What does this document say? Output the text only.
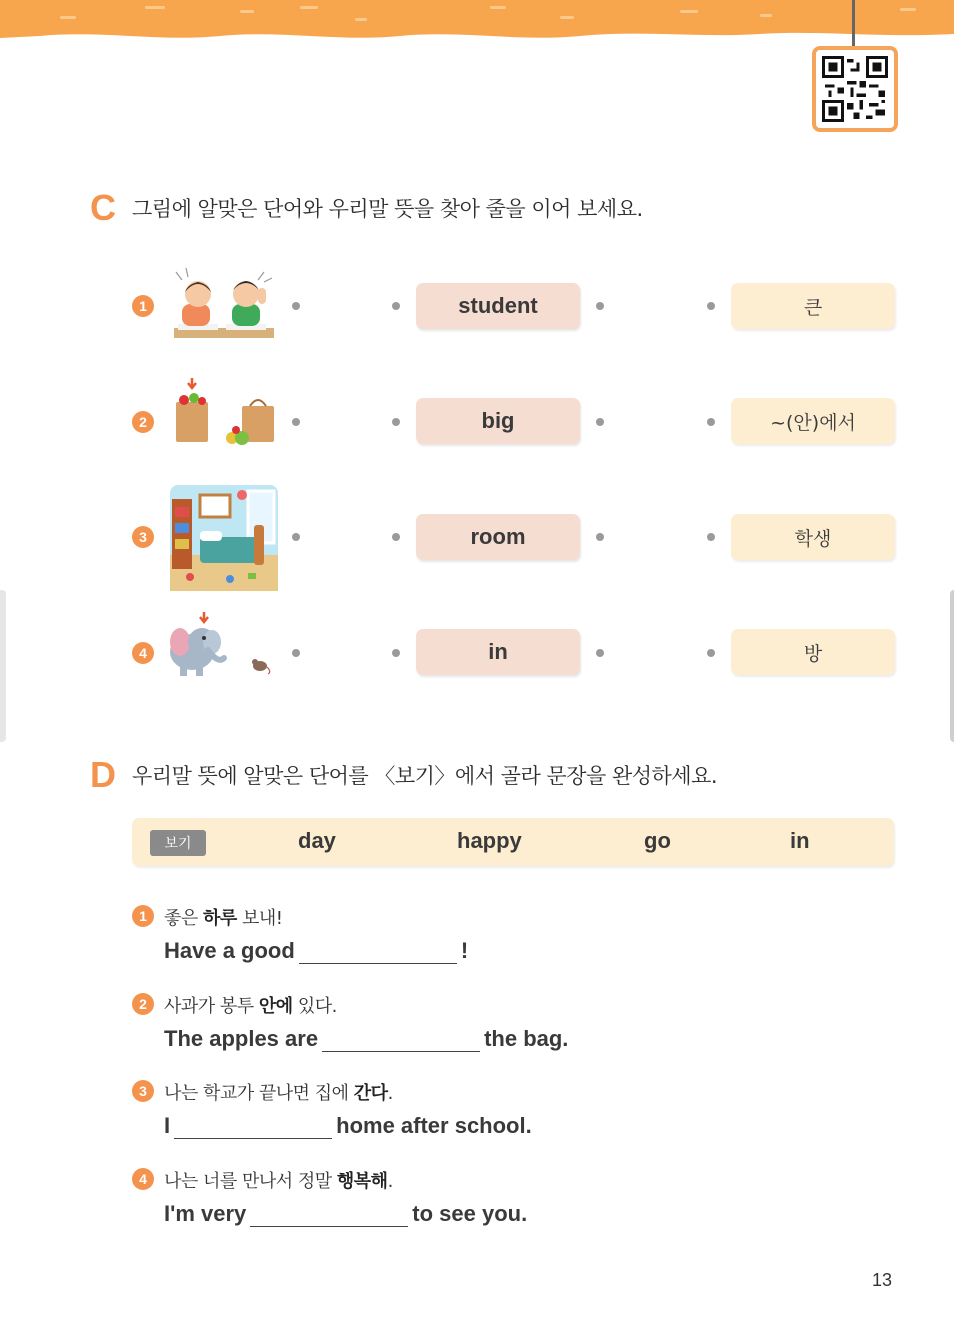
C 그림에 알맞은 단어와 우리말 뜻을 찾아 줄을 이어 보세요.
1	student	큰
2	big	~(안)에서
3	room	학생
4	in	방
D 우리말 뜻에 알맞은 단어를 〈보기〉에서 골라 문장을 완성하세요.
보기	day	happy	go	in
1 좋은 하루 보내!
Have a good	!
2 사과가 봉투 안에 있다.
The apples are	the bag.
3 나는 학교가 끝나면 집에 간다.
I	home after school.
4 나는 너를 만나서 정말 행복해.
I'm very	to see you.
13
